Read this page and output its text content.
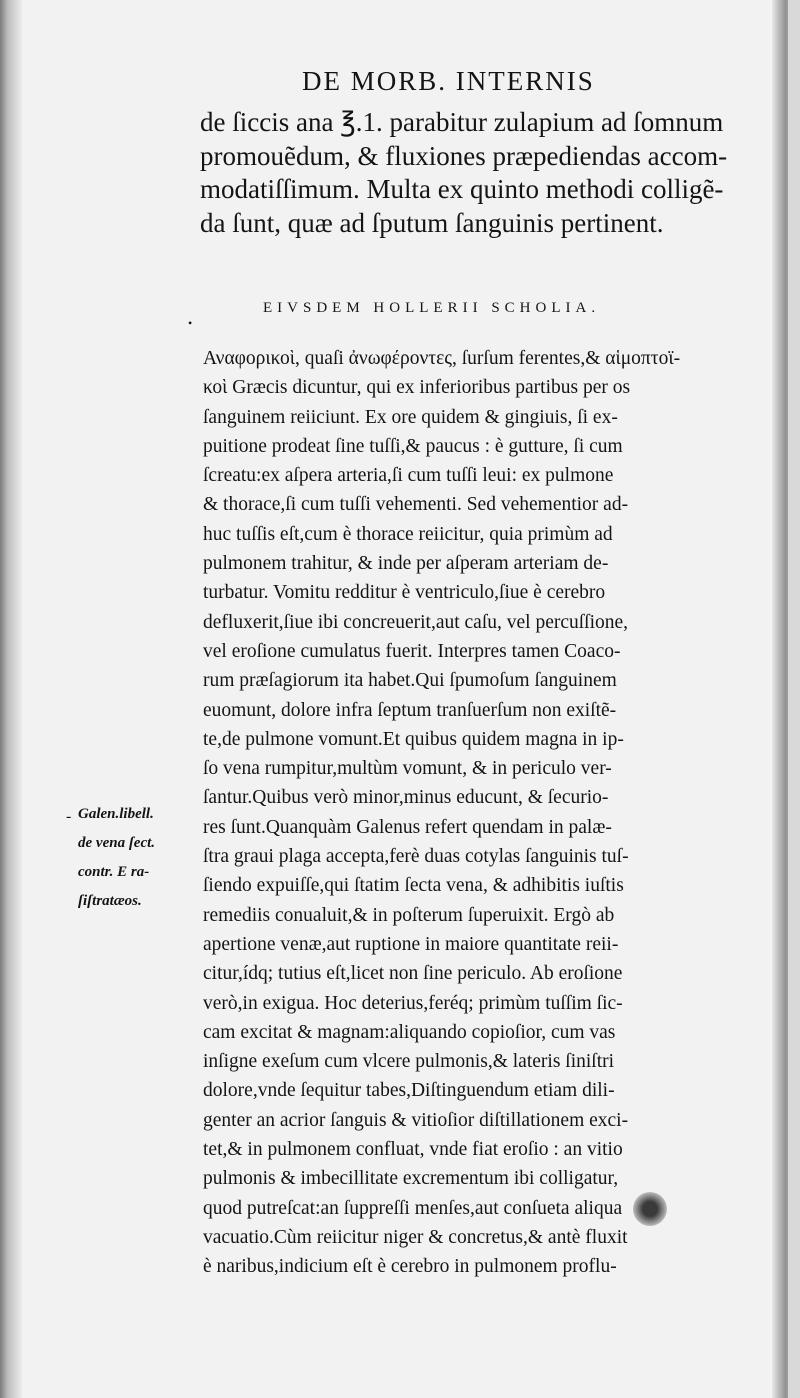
DE MORB. INTERNIS
de ſiccis ana ℥.1. parabitur zulapium ad ſomnum
promouẽdum, & fluxiones præpediendas accom-
modatiſſimum. Multa ex quinto methodi colligẽ-
da ſunt, quæ ad ſputum ſanguinis pertinent.
EIVSDEM HOLLERII SCHOLIA.
•
- Galen.libell.
de vena ſect.
contr. E ra-
ſiſtratæos.
Αναφορικοὶ, quaſi ἀνωφέροντες, ſurſum ferentes,& αἱμοπτοϊ-
κοὶ Græcis dicuntur, qui ex inferioribus partibus per os
ſanguinem reiiciunt. Ex ore quidem & gingiuis, ſi ex-
puitione prodeat ſine tuſſi,& paucus : è gutture, ſi cum
ſcreatu:ex aſpera arteria,ſi cum tuſſi leui: ex pulmone
& thorace,ſi cum tuſſi vehementi. Sed vehementior ad-
huc tuſſis eſt,cum è thorace reiicitur, quia primùm ad
pulmonem trahitur, & inde per aſperam arteriam de-
turbatur. Vomitu redditur è ventriculo,ſiue è cerebro
defluxerit,ſiue ibi concreuerit,aut caſu, vel percuſſione,
vel eroſione cumulatus fuerit. Interpres tamen Coaco-
rum præſagiorum ita habet.Qui ſpumoſum ſanguinem
euomunt, dolore infra ſeptum tranſuerſum non exiſtẽ-
te,de pulmone vomunt.Et quibus quidem magna in ip-
ſo vena rumpitur,multùm vomunt, & in periculo ver-
ſantur.Quibus verò minor,minus educunt, & ſecurio-
res ſunt.Quanquàm Galenus refert quendam in palæ-
ſtra graui plaga accepta,ferè duas cotylas ſanguinis tuſ-
ſiendo expuiſſe,qui ſtatim ſecta vena, & adhibitis iuſtis
remediis conualuit,& in poſterum ſuperuixit. Ergò ab
apertione venæ,aut ruptione in maiore quantitate reii-
citur,ídq; tutius eſt,licet non ſine periculo. Ab eroſione
verò,in exigua. Hoc deterius,feréq; primùm tuſſim ſic-
cam excitat & magnam:aliquando copioſior, cum vas
inſigne exeſum cum vlcere pulmonis,& lateris ſiniſtri
dolore,vnde ſequitur tabes,Diſtinguendum etiam dili-
genter an acrior ſanguis & vitioſior diſtillationem exci-
tet,& in pulmonem confluat, vnde fiat eroſio : an vitio
pulmonis & imbecillitate excrementum ibi colligatur,
quod putreſcat:an ſuppreſſi menſes,aut conſueta aliqua
vacuatio.Cùm reiicitur niger & concretus,& antè fluxit
è naribus,indicium eſt è cerebro in pulmonem proflu-
